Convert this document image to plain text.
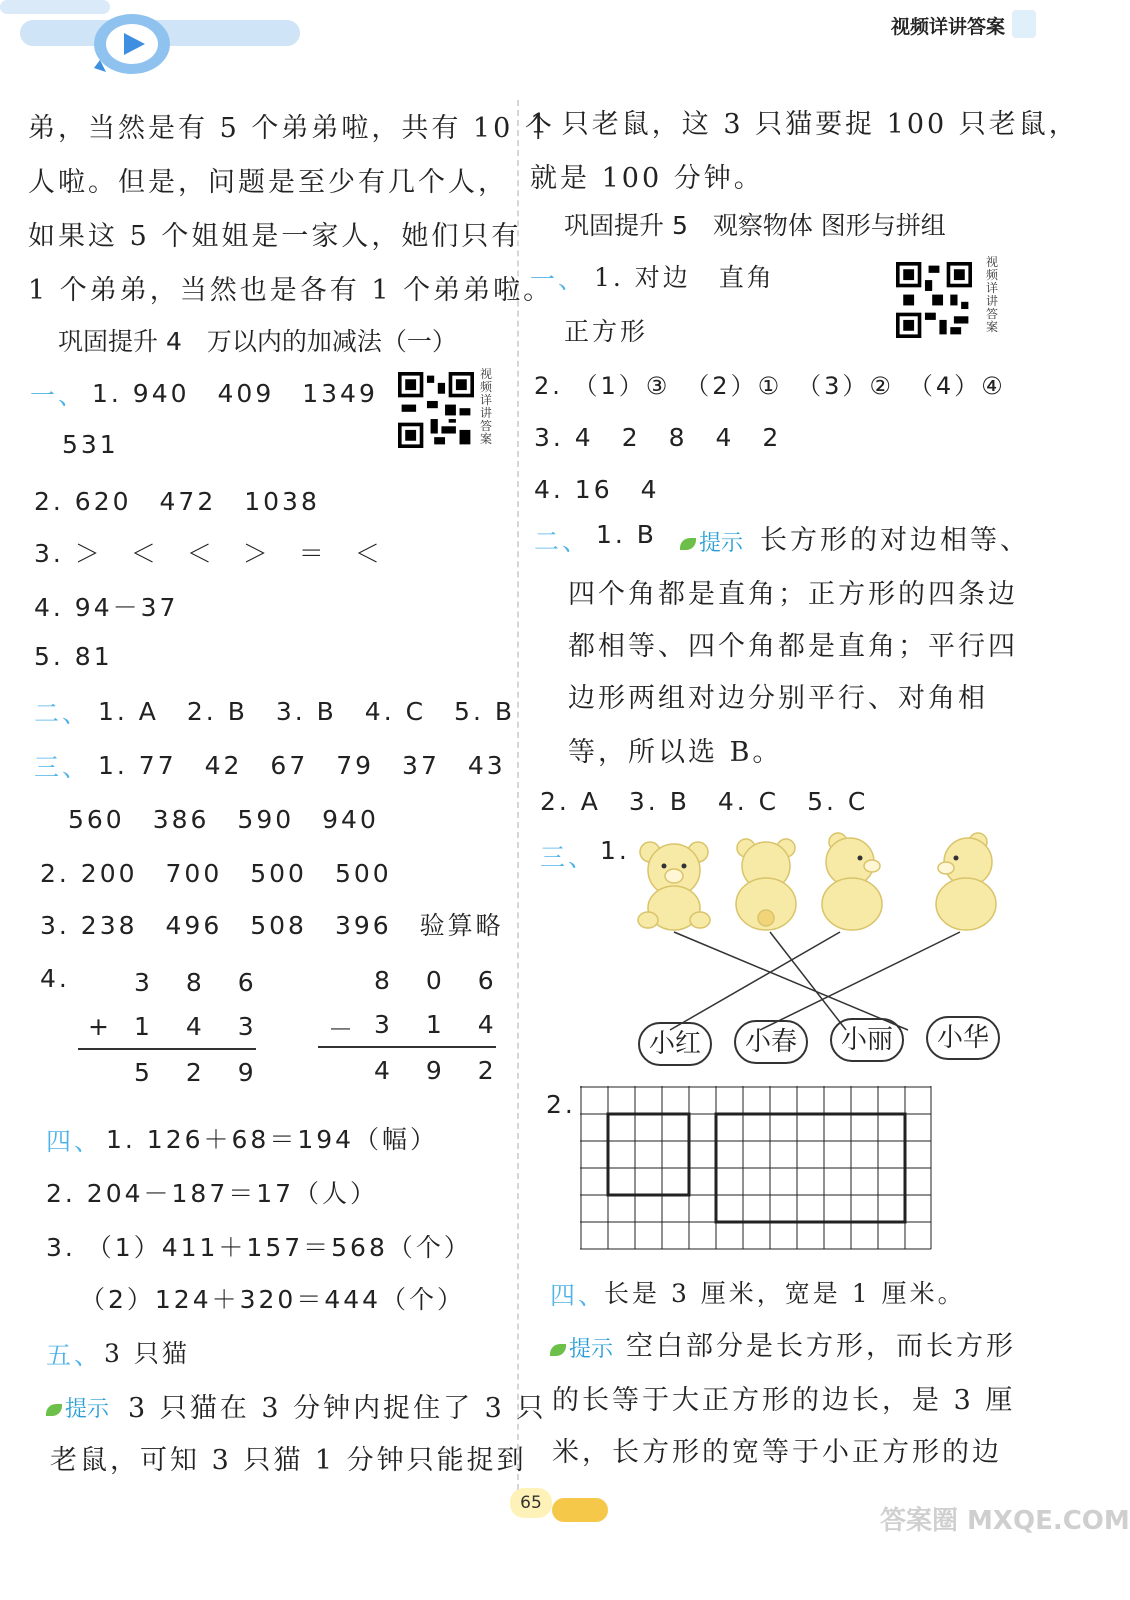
视频详讲答案
弟，当然是有 5 个弟弟啦，共有 10 个
人啦。但是，问题是至少有几个人，
如果这 5 个姐姐是一家人，她们只有
1 个弟弟，当然也是各有 1 个弟弟啦。
巩固提升 4　万以内的加减法（一）
视频详讲答案
一、 1. 940　409　1349
531
2. 620　472　1038
3. ＞　＜　＜　＞　＝　＜
4. 94－37
5. 81
二、 1. A　2. B　3. B　4. C　5. B
三、 1. 77　42　67　79　37　43
560　386　590　940
2. 200　700　500　500
3. 238　496　508　396　验算略
4.	3 8 6
+ 1 4 3
5 2 9
8 0 6
－ 3 1 4
4 9 2
四、 1. 126＋68＝194（幅）
2. 204－187＝17（人）
3. （1）411＋157＝568（个）
（2）124＋320＝444（个）
五、 3 只猫
提示 3 只猫在 3 分钟内捉住了 3 只
老鼠，可知 3 只猫 1 分钟只能捉到
1 只老鼠，这 3 只猫要捉 100 只老鼠，
就是 100 分钟。
巩固提升 5　观察物体 图形与拼组
视频详讲答案
一、 1. 对边　直角
正方形
2. （1）③　（2）①　（3）②　（4）④
3. 4　2　8　4　2
4. 16　4
二、 1. B	提示 长方形的对边相等、
四个角都是直角；正方形的四条边
都相等、四个角都是直角；平行四
边形两组对边分别平行、对角相
等，所以选 B。
2. A　3. B　4. C　5. C
三、 1.
小红	小春	小丽	小华
2.
四、
长是 3 厘米，宽是 1 厘米。
提示 空白部分是长方形，而长方形
的长等于大正方形的边长，是 3 厘
米，长方形的宽等于小正方形的边
65
答案圈 MXQE.COM
